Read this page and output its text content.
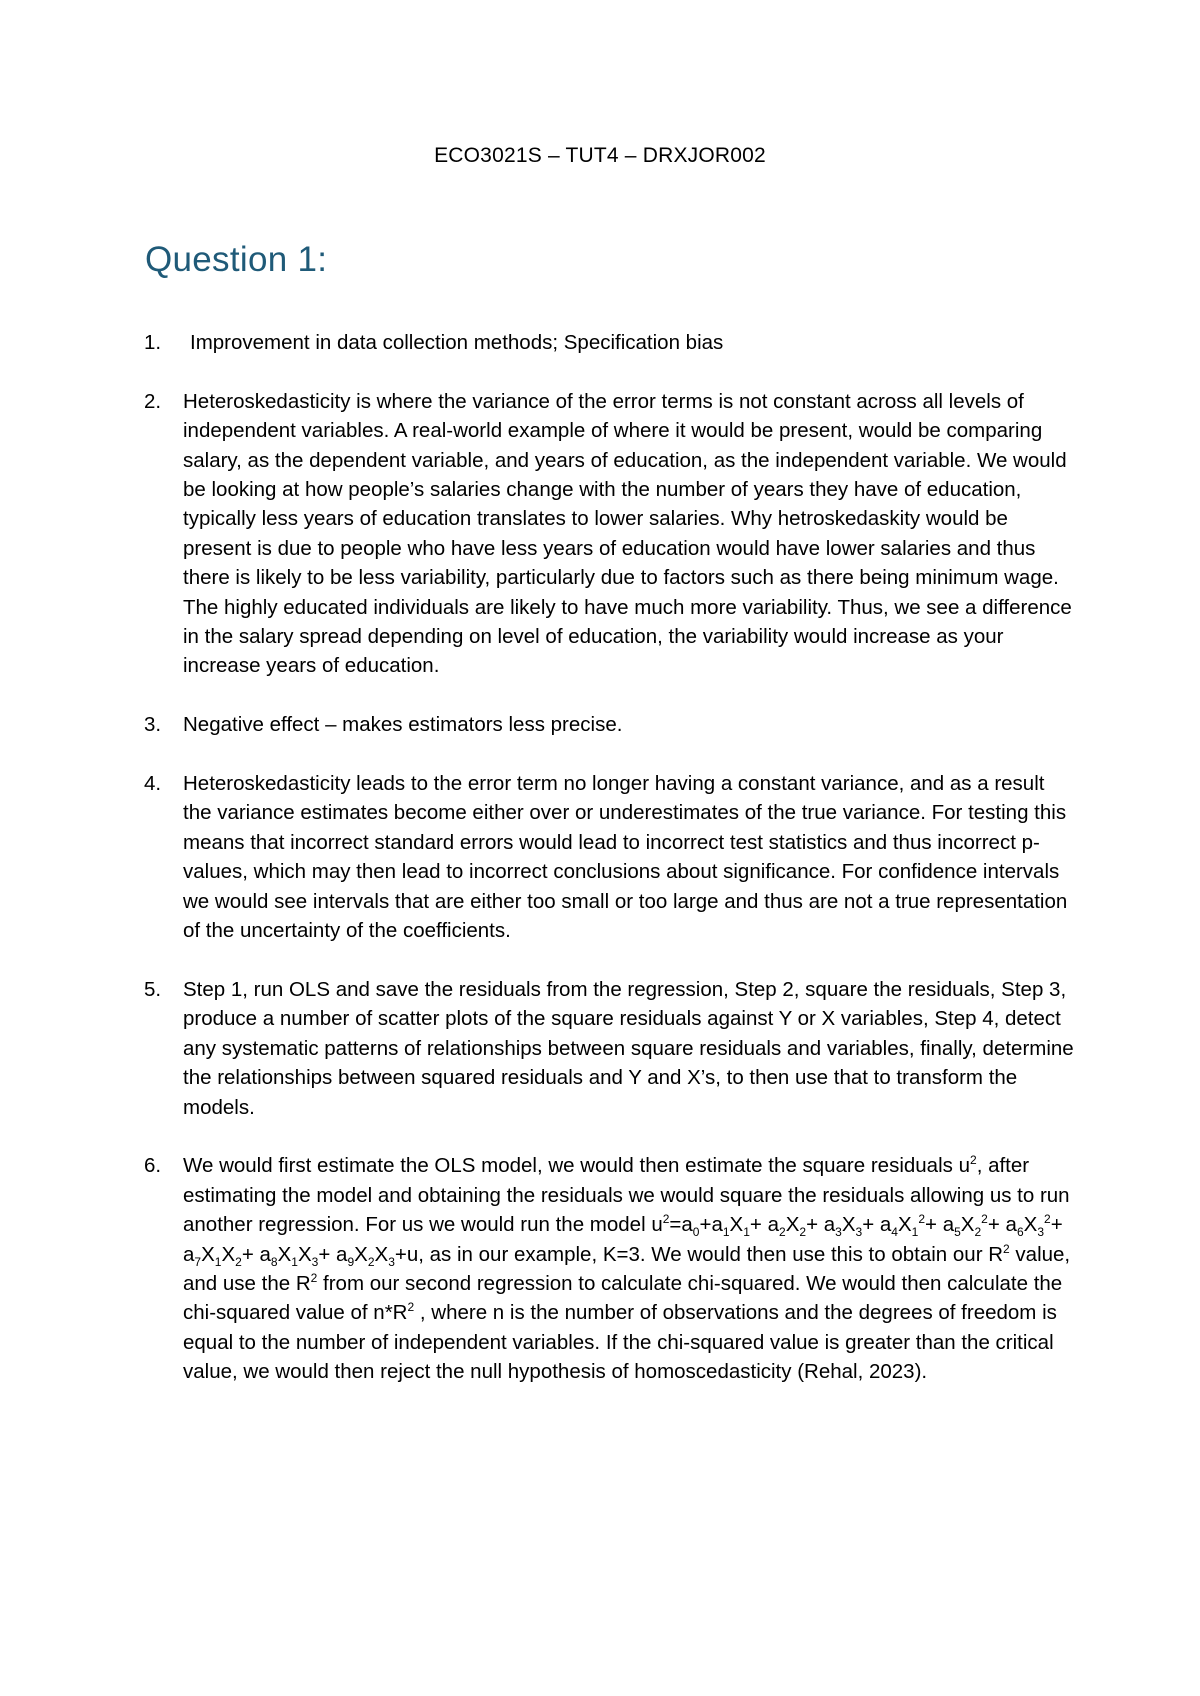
ECO3021S – TUT4 – DRXJOR002
Question 1:
1. Improvement in data collection methods; Specification bias
2. Heteroskedasticity is where the variance of the error terms is not constant across all levels of independent variables. A real-world example of where it would be present, would be comparing salary, as the dependent variable, and years of education, as the independent variable. We would be looking at how people’s salaries change with the number of years they have of education, typically less years of education translates to lower salaries. Why hetroskedaskity would be present is due to people who have less years of education would have lower salaries and thus there is likely to be less variability, particularly due to factors such as there being minimum wage. The highly educated individuals are likely to have much more variability. Thus, we see a difference in the salary spread depending on level of education, the variability would increase as your increase years of education.
3. Negative effect – makes estimators less precise.
4. Heteroskedasticity leads to the error term no longer having a constant variance, and as a result the variance estimates become either over or underestimates of the true variance. For testing this means that incorrect standard errors would lead to incorrect test statistics and thus incorrect p-values, which may then lead to incorrect conclusions about significance. For confidence intervals we would see intervals that are either too small or too large and thus are not a true representation of the uncertainty of the coefficients.
5. Step 1, run OLS and save the residuals from the regression, Step 2, square the residuals, Step 3, produce a number of scatter plots of the square residuals against Y or X variables, Step 4, detect any systematic patterns of relationships between square residuals and variables, finally, determine the relationships between squared residuals and Y and X’s, to then use that to transform the models.
6. We would first estimate the OLS model, we would then estimate the square residuals $u^2$, after estimating the model and obtaining the residuals we would square the residuals allowing us to run another regression. For us we would run the model $u^2=a_0+a_1X_1+ a_2X_2+ a_3X_3+ a_4X_1^2+ a_5X_2^2+ a_6X_3^2+ a_7X_1X_2+ a_8X_1X_3+ a_9X_2X_3+u$, as in our example, K=3. We would then use this to obtain our $R^2$ value, and use the $R^2$ from our second regression to calculate chi-squared. We would then calculate the chi-squared value of $n*R^2$ , where n is the number of observations and the degrees of freedom is equal to the number of independent variables. If the chi-squared value is greater than the critical value, we would then reject the null hypothesis of homoscedasticity (Rehal, 2023).
